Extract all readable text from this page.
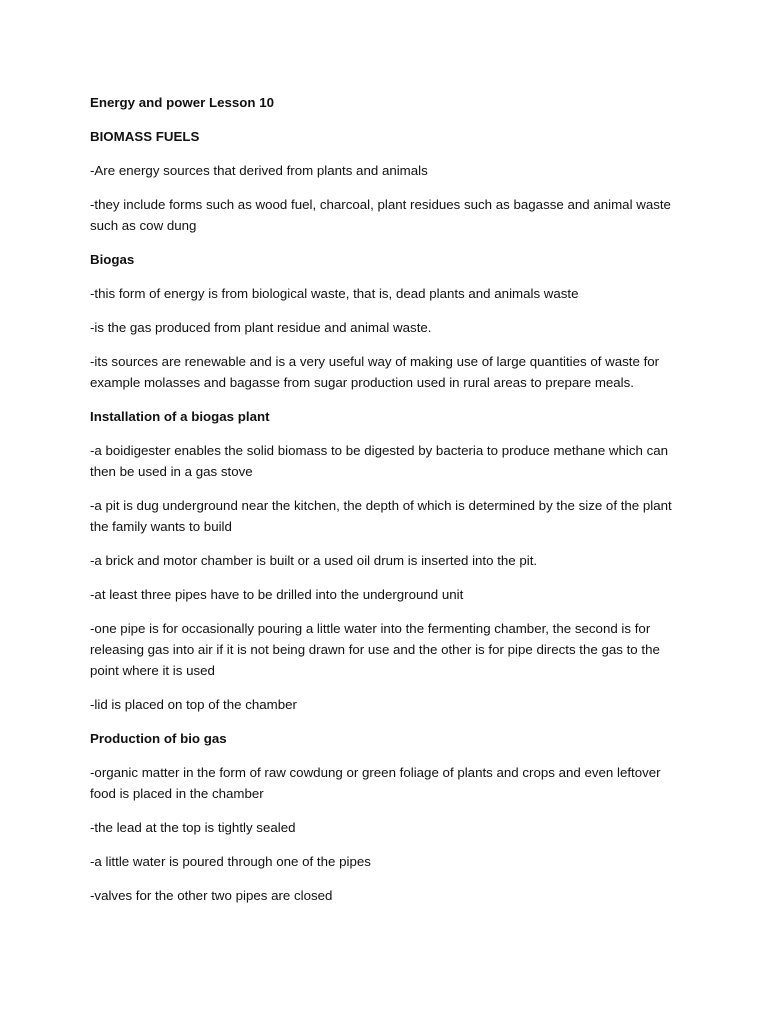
Energy and power Lesson 10

BIOMASS FUELS

-Are energy sources that derived from plants and animals

-they include forms such as wood fuel, charcoal, plant residues such as bagasse and animal waste such as cow dung

Biogas

-this form of energy is from biological waste, that is, dead plants and animals waste

-is the gas produced from plant residue and animal waste.

-its sources are renewable and is a very useful way of making use of large quantities of waste for example molasses and bagasse from sugar production used in rural areas to prepare meals.

Installation of a biogas plant

-a boidigester enables the solid biomass to be digested by bacteria to produce methane which can then be used in a gas stove

-a pit is dug underground near the kitchen, the depth of which is determined by the size of the plant the family wants to build

-a brick and motor chamber is built or a used oil drum is inserted into the pit.

-at least three pipes have to be drilled into the underground unit

-one pipe is for occasionally pouring a little water into the fermenting chamber, the second is for releasing gas into air if it is not being drawn for use and the other is for pipe directs the gas to the point where it is used

-lid is placed on top of the chamber

Production of bio gas

-organic matter in the form of raw cowdung or green foliage of plants and crops and even leftover food is placed in the chamber

-the lead at the top is tightly sealed

-a little water is poured through one of the pipes

-valves for the other two pipes are closed
